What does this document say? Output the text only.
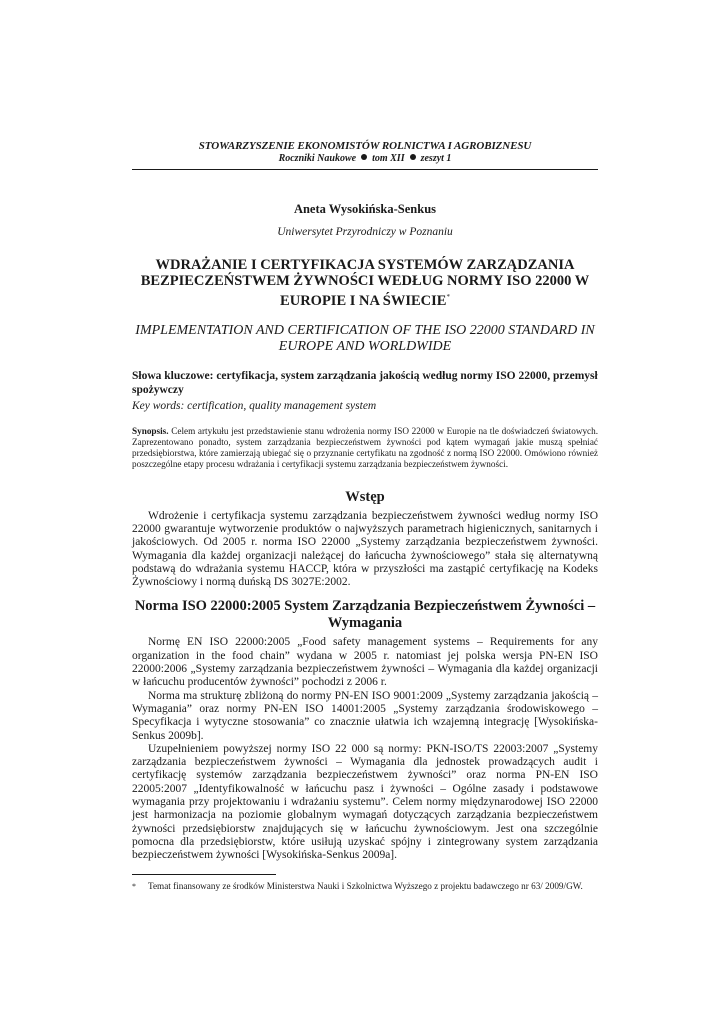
STOWARZYSZENIE EKONOMISTÓW ROLNICTWA I AGROBIZNESU
Roczniki Naukowe tom XII zeszyt 1
Aneta Wysokińska-Senkus
Uniwersytet Przyrodniczy w Poznaniu
WDRAŻANIE I CERTYFIKACJA SYSTEMÓW ZARZĄDZANIA BEZPIECZEŃSTWEM ŻYWNOŚCI WEDŁUG NORMY ISO 22000 W EUROPIE I NA ŚWIECIE*
IMPLEMENTATION AND CERTIFICATION OF THE ISO 22000 STANDARD IN EUROPE AND WORLDWIDE
Słowa kluczowe: certyfikacja, system zarządzania jakością według normy ISO 22000, przemysł spożywczy
Key words: certification, quality management system
Synopsis. Celem artykułu jest przedstawienie stanu wdrożenia normy ISO 22000 w Europie na tle doświadczeń światowych. Zaprezentowano ponadto, system zarządzania bezpieczeństwem żywności pod kątem wymagań jakie muszą spełniać przedsiębiorstwa, które zamierzają ubiegać się o przyznanie certyfikatu na zgodność z normą ISO 22000. Omówiono również poszczególne etapy procesu wdrażania i certyfikacji systemu zarządzania bezpieczeństwem żywności.
Wstęp

Wdrożenie i certyfikacja systemu zarządzania bezpieczeństwem żywności według normy ISO 22000 gwarantuje wytworzenie produktów o najwyższych parametrach higienicznych, sanitarnych i jakościowych. Od 2005 r. norma ISO 22000 „Systemy zarządzania bezpieczeństwem żywności. Wymagania dla każdej organizacji należącej do łańcucha żywnościowego” stała się alternatywną podstawą do wdrażania systemu HACCP, która w przyszłości ma zastąpić certyfikację na Kodeks Żywnościowy i normą duńską DS 3027E:2002.

Norma ISO 22000:2005 System Zarządzania Bezpieczeństwem Żywności – Wymagania

Normę EN ISO 22000:2005 „Food safety management systems – Requirements for any organization in the food chain” wydana w 2005 r. natomiast jej polska wersja PN-EN ISO 22000:2006 „Systemy zarządzania bezpieczeństwem żywności – Wymagania dla każdej organizacji w łańcuchu producentów żywności” pochodzi z 2006 r.

Norma ma strukturę zbliżoną do normy PN-EN ISO 9001:2009 „Systemy zarządzania jakością – Wymagania” oraz normy PN-EN ISO 14001:2005 „Systemy zarządzania środowiskowego – Specyfikacja i wytyczne stosowania” co znacznie ułatwia ich wzajemną integrację [Wysokińska-Senkus 2009b].

Uzupełnieniem powyższej normy ISO 22 000 są normy: PKN-ISO/TS 22003:2007 „Systemy zarządzania bezpieczeństwem żywności – Wymagania dla jednostek prowadzących audit i certyfikację systemów zarządzania bezpieczeństwem żywności” oraz norma PN-EN ISO 22005:2007 „Identyfikowalność w łańcuchu pasz i żywności – Ogólne zasady i podstawowe wymagania przy projektowaniu i wdrażaniu systemu”. Celem normy międzynarodowej ISO 22000 jest harmonizacja na poziomie globalnym wymagań dotyczących zarządzania bezpieczeństwem żywności przedsiębiorstw znajdujących się w łańcuchu żywnościowym. Jest ona szczególnie pomocna dla przedsiębiorstw, które usiłują uzyskać spójny i zintegrowany system zarządzania bezpieczeństwem żywności [Wysokińska-Senkus 2009a].

*	Temat finansowany ze środków Ministerstwa Nauki i Szkolnictwa Wyższego z projektu badawczego nr 63/ 2009/GW.
